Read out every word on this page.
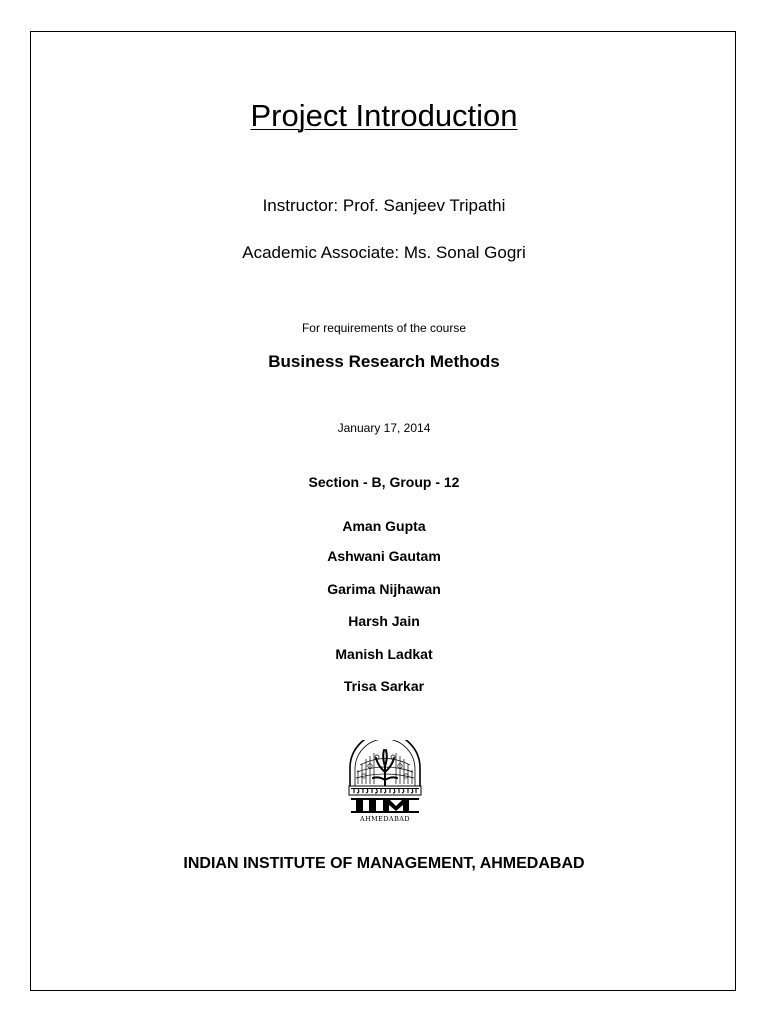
Project Introduction
Instructor: Prof. Sanjeev Tripathi
Academic Associate: Ms. Sonal Gogri
For requirements of the course
Business Research Methods
January 17, 2014
Section - B, Group - 12
Aman Gupta
Ashwani Gautam
Garima Nijhawan
Harsh Jain
Manish Ladkat
Trisa Sarkar
AHMEDABAD
INDIAN INSTITUTE OF MANAGEMENT, AHMEDABAD
